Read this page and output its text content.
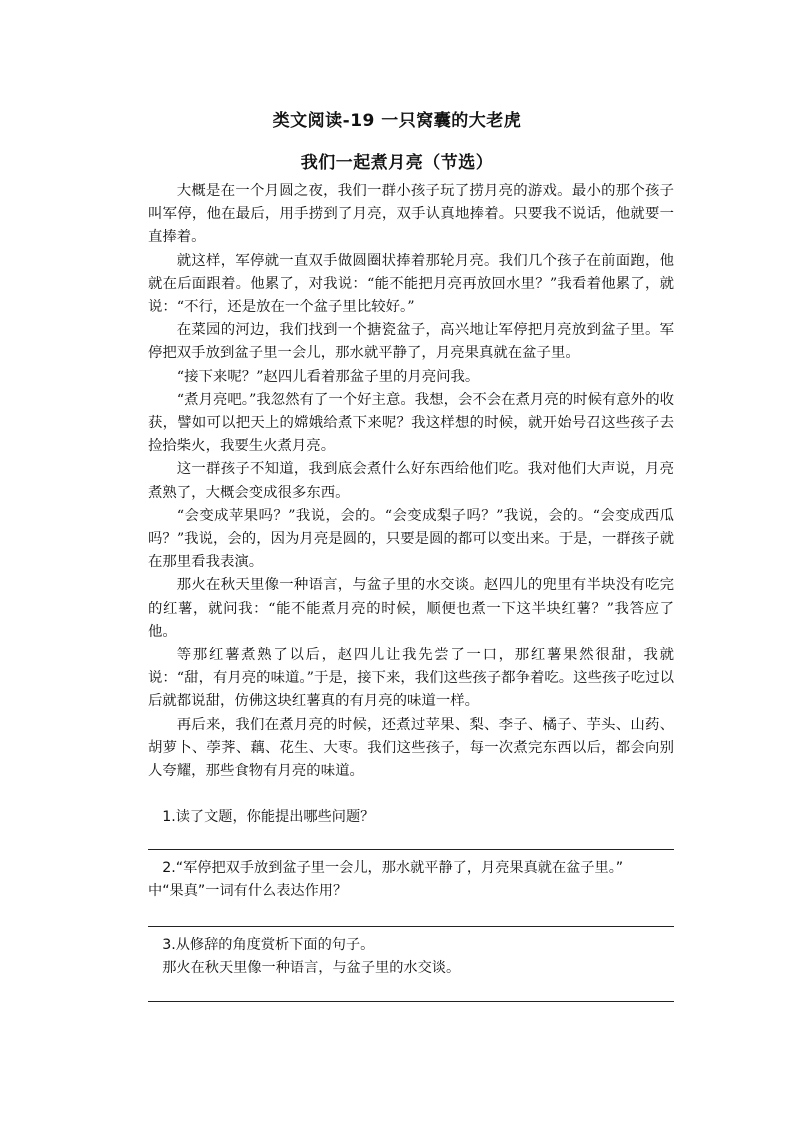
类文阅读-19 一只窝囊的大老虎
我们一起煮月亮（节选）

大概是在一个月圆之夜，我们一群小孩子玩了捞月亮的游戏。最小的那个孩子叫军停，他在最后，用手捞到了月亮，双手认真地捧着。只要我不说话，他就要一直捧着。

就这样，军停就一直双手做圆圈状捧着那轮月亮。我们几个孩子在前面跑，他就在后面跟着。他累了，对我说：“能不能把月亮再放回水里？”我看着他累了，就说：“不行，还是放在一个盆子里比较好。”

在菜园的河边，我们找到一个搪瓷盆子，高兴地让军停把月亮放到盆子里。军停把双手放到盆子里一会儿，那水就平静了，月亮果真就在盆子里。

“接下来呢？”赵四儿看着那盆子里的月亮问我。

“煮月亮吧。”我忽然有了一个好主意。我想，会不会在煮月亮的时候有意外的收获，譬如可以把天上的嫦娥给煮下来呢？我这样想的时候，就开始号召这些孩子去捡拾柴火，我要生火煮月亮。

这一群孩子不知道，我到底会煮什么好东西给他们吃。我对他们大声说，月亮煮熟了，大概会变成很多东西。

“会变成苹果吗？”我说，会的。“会变成梨子吗？”我说，会的。“会变成西瓜吗？”我说，会的，因为月亮是圆的，只要是圆的都可以变出来。于是，一群孩子就在那里看我表演。

那火在秋天里像一种语言，与盆子里的水交谈。赵四儿的兜里有半块没有吃完的红薯，就问我：“能不能煮月亮的时候，顺便也煮一下这半块红薯？”我答应了他。

等那红薯煮熟了以后，赵四儿让我先尝了一口，那红薯果然很甜，我就说：“甜，有月亮的味道。”于是，接下来，我们这些孩子都争着吃。这些孩子吃过以后就都说甜，仿佛这块红薯真的有月亮的味道一样。

再后来，我们在煮月亮的时候，还煮过苹果、梨、李子、橘子、芋头、山药、胡萝卜、荸荠、藕、花生、大枣。我们这些孩子，每一次煮完东西以后，都会向别人夸耀，那些食物有月亮的味道。

1.读了文题，你能提出哪些问题？

2.“军停把双手放到盆子里一会儿，那水就平静了，月亮果真就在盆子里。”

中“果真”一词有什么表达作用？

3.从修辞的角度赏析下面的句子。

那火在秋天里像一种语言，与盆子里的水交谈。
